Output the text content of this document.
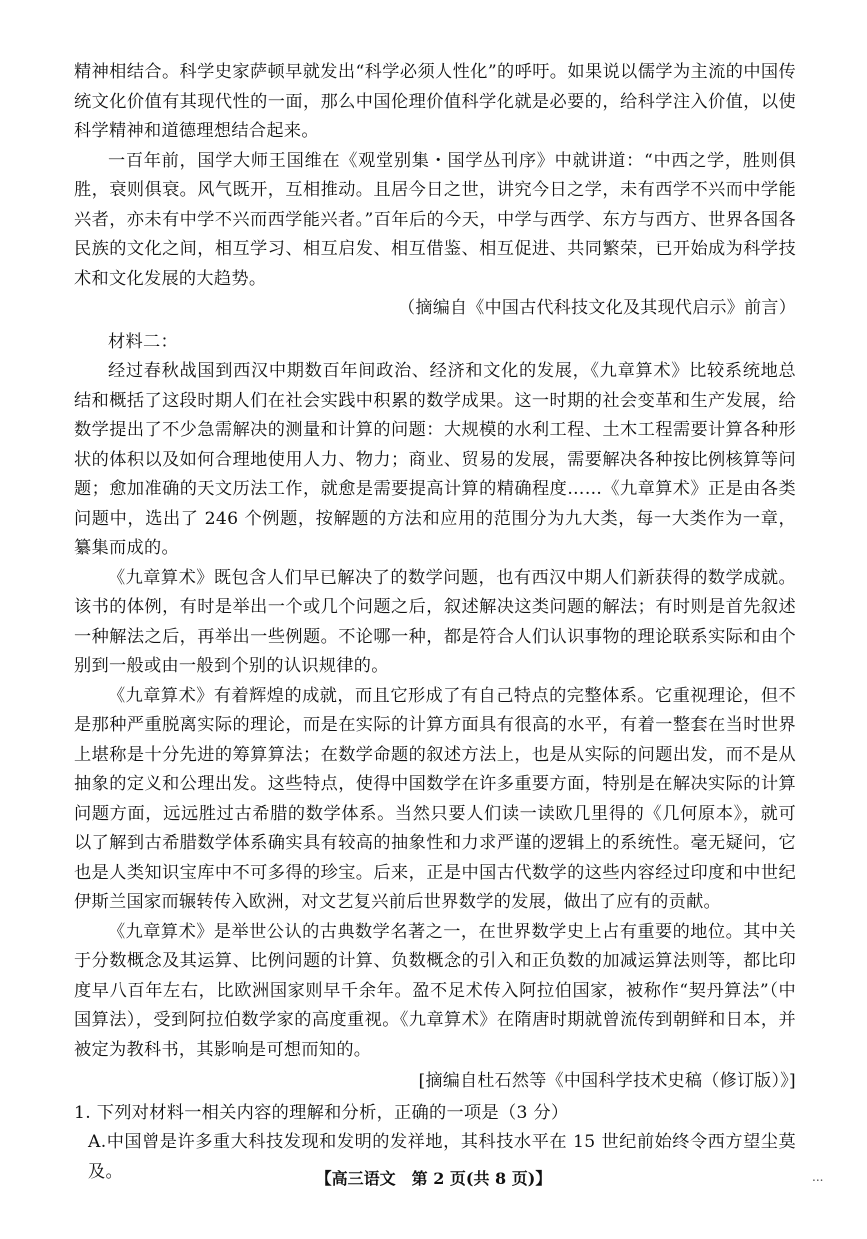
精神相结合。科学史家萨顿早就发出“科学必须人性化”的呼吁。如果说以儒学为主流的中国传统文化价值有其现代性的一面，那么中国伦理价值科学化就是必要的，给科学注入价值，以使科学精神和道德理想结合起来。

一百年前，国学大师王国维在《观堂别集・国学丛刊序》中就讲道：“中西之学，胜则俱胜，衰则俱衰。风气既开，互相推动。且居今日之世，讲究今日之学，未有西学不兴而中学能兴者，亦未有中学不兴而西学能兴者。”百年后的今天，中学与西学、东方与西方、世界各国各民族的文化之间，相互学习、相互启发、相互借鉴、相互促进、共同繁荣，已开始成为科学技术和文化发展的大趋势。

（摘编自《中国古代科技文化及其现代启示》前言）

材料二：

经过春秋战国到西汉中期数百年间政治、经济和文化的发展，《九章算术》比较系统地总结和概括了这段时期人们在社会实践中积累的数学成果。这一时期的社会变革和生产发展，给数学提出了不少急需解决的测量和计算的问题：大规模的水利工程、土木工程需要计算各种形状的体积以及如何合理地使用人力、物力；商业、贸易的发展，需要解决各种按比例核算等问题；愈加准确的天文历法工作，就愈是需要提高计算的精确程度……《九章算术》正是由各类问题中，选出了 246 个例题，按解题的方法和应用的范围分为九大类，每一大类作为一章，纂集而成的。

《九章算术》既包含人们早已解决了的数学问题，也有西汉中期人们新获得的数学成就。该书的体例，有时是举出一个或几个问题之后，叙述解决这类问题的解法；有时则是首先叙述一种解法之后，再举出一些例题。不论哪一种，都是符合人们认识事物的理论联系实际和由个别到一般或由一般到个别的认识规律的。

《九章算术》有着辉煌的成就，而且它形成了有自己特点的完整体系。它重视理论，但不是那种严重脱离实际的理论，而是在实际的计算方面具有很高的水平，有着一整套在当时世界上堪称是十分先进的筹算算法；在数学命题的叙述方法上，也是从实际的问题出发，而不是从抽象的定义和公理出发。这些特点，使得中国数学在许多重要方面，特别是在解决实际的计算问题方面，远远胜过古希腊的数学体系。当然只要人们读一读欧几里得的《几何原本》，就可以了解到古希腊数学体系确实具有较高的抽象性和力求严谨的逻辑上的系统性。毫无疑问，它也是人类知识宝库中不可多得的珍宝。后来，正是中国古代数学的这些内容经过印度和中世纪伊斯兰国家而辗转传入欧洲，对文艺复兴前后世界数学的发展，做出了应有的贡献。

《九章算术》是举世公认的古典数学名著之一，在世界数学史上占有重要的地位。其中关于分数概念及其运算、比例问题的计算、负数概念的引入和正负数的加减运算法则等，都比印度早八百年左右，比欧洲国家则早千余年。盈不足术传入阿拉伯国家，被称作“契丹算法”（中国算法），受到阿拉伯数学家的高度重视。《九章算术》在隋唐时期就曾流传到朝鲜和日本，并被定为教科书，其影响是可想而知的。

[摘编自杜石然等《中国科学技术史稿（修订版）》]

1. 下列对材料一相关内容的理解和分析，正确的一项是（3 分）

A.中国曾是许多重大科技发现和发明的发祥地，其科技水平在 15 世纪前始终令西方望尘莫及。	【高三语文　第 2 页(共 8 页)】	...
